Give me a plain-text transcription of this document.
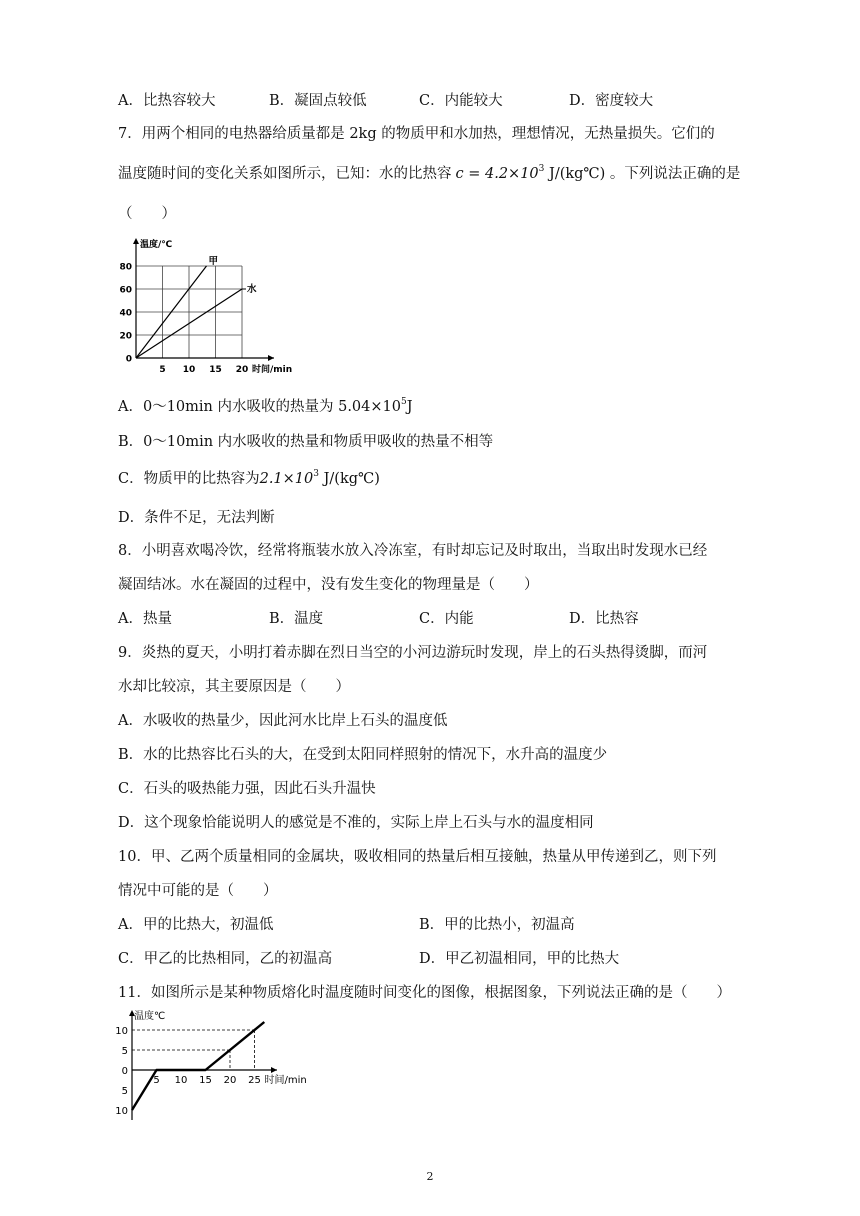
A．比热容较大	B．凝固点较低	C．内能较大	D．密度较大
7．用两个相同的电热器给质量都是 2kg 的物质甲和水加热，理想情况，无热量损失。它们的
温度随时间的变化关系如图所示，已知：水的比热容 $c = 4.2\times 10^3$ J/(kg℃) 。下列说法正确的是
（　　）
0
20
40
60
80
5 10 15 20
温度/℃
时间/min
甲
水
A．0～10min 内水吸收的热量为 $5.04\times 10^5J$
B．0～10min 内水吸收的热量和物质甲吸收的热量不相等
C．物质甲的比热容为$2.1\times 10^3$ J/(kg℃)
D．条件不足，无法判断
8．小明喜欢喝冷饮，经常将瓶装水放入冷冻室，有时却忘记及时取出，当取出时发现水已经
凝固结冰。水在凝固的过程中，没有发生变化的物理量是（　　）
A．热量	B．温度	C．内能	D．比热容
9．炎热的夏天，小明打着赤脚在烈日当空的小河边游玩时发现，岸上的石头热得烫脚，而河
水却比较凉，其主要原因是（　　）
A．水吸收的热量少，因此河水比岸上石头的温度低
B．水的比热容比石头的大，在受到太阳同样照射的情况下，水升高的温度少
C．石头的吸热能力强，因此石头升温快
D．这个现象恰能说明人的感觉是不准的，实际上岸上石头与水的温度相同
10．甲、乙两个质量相同的金属块，吸收相同的热量后相互接触，热量从甲传递到乙，则下列
情况中可能的是（　　）
A．甲的比热大，初温低	B．甲的比热小，初温高
C．甲乙的比热相同，乙的初温高	D．甲乙初温相同，甲的比热大
11．如图所示是某种物质熔化时温度随时间变化的图像，根据图象，下列说法正确的是（　　）
10
5
0
5
10
5 10 15 20 25
温度℃
时间/min
2
